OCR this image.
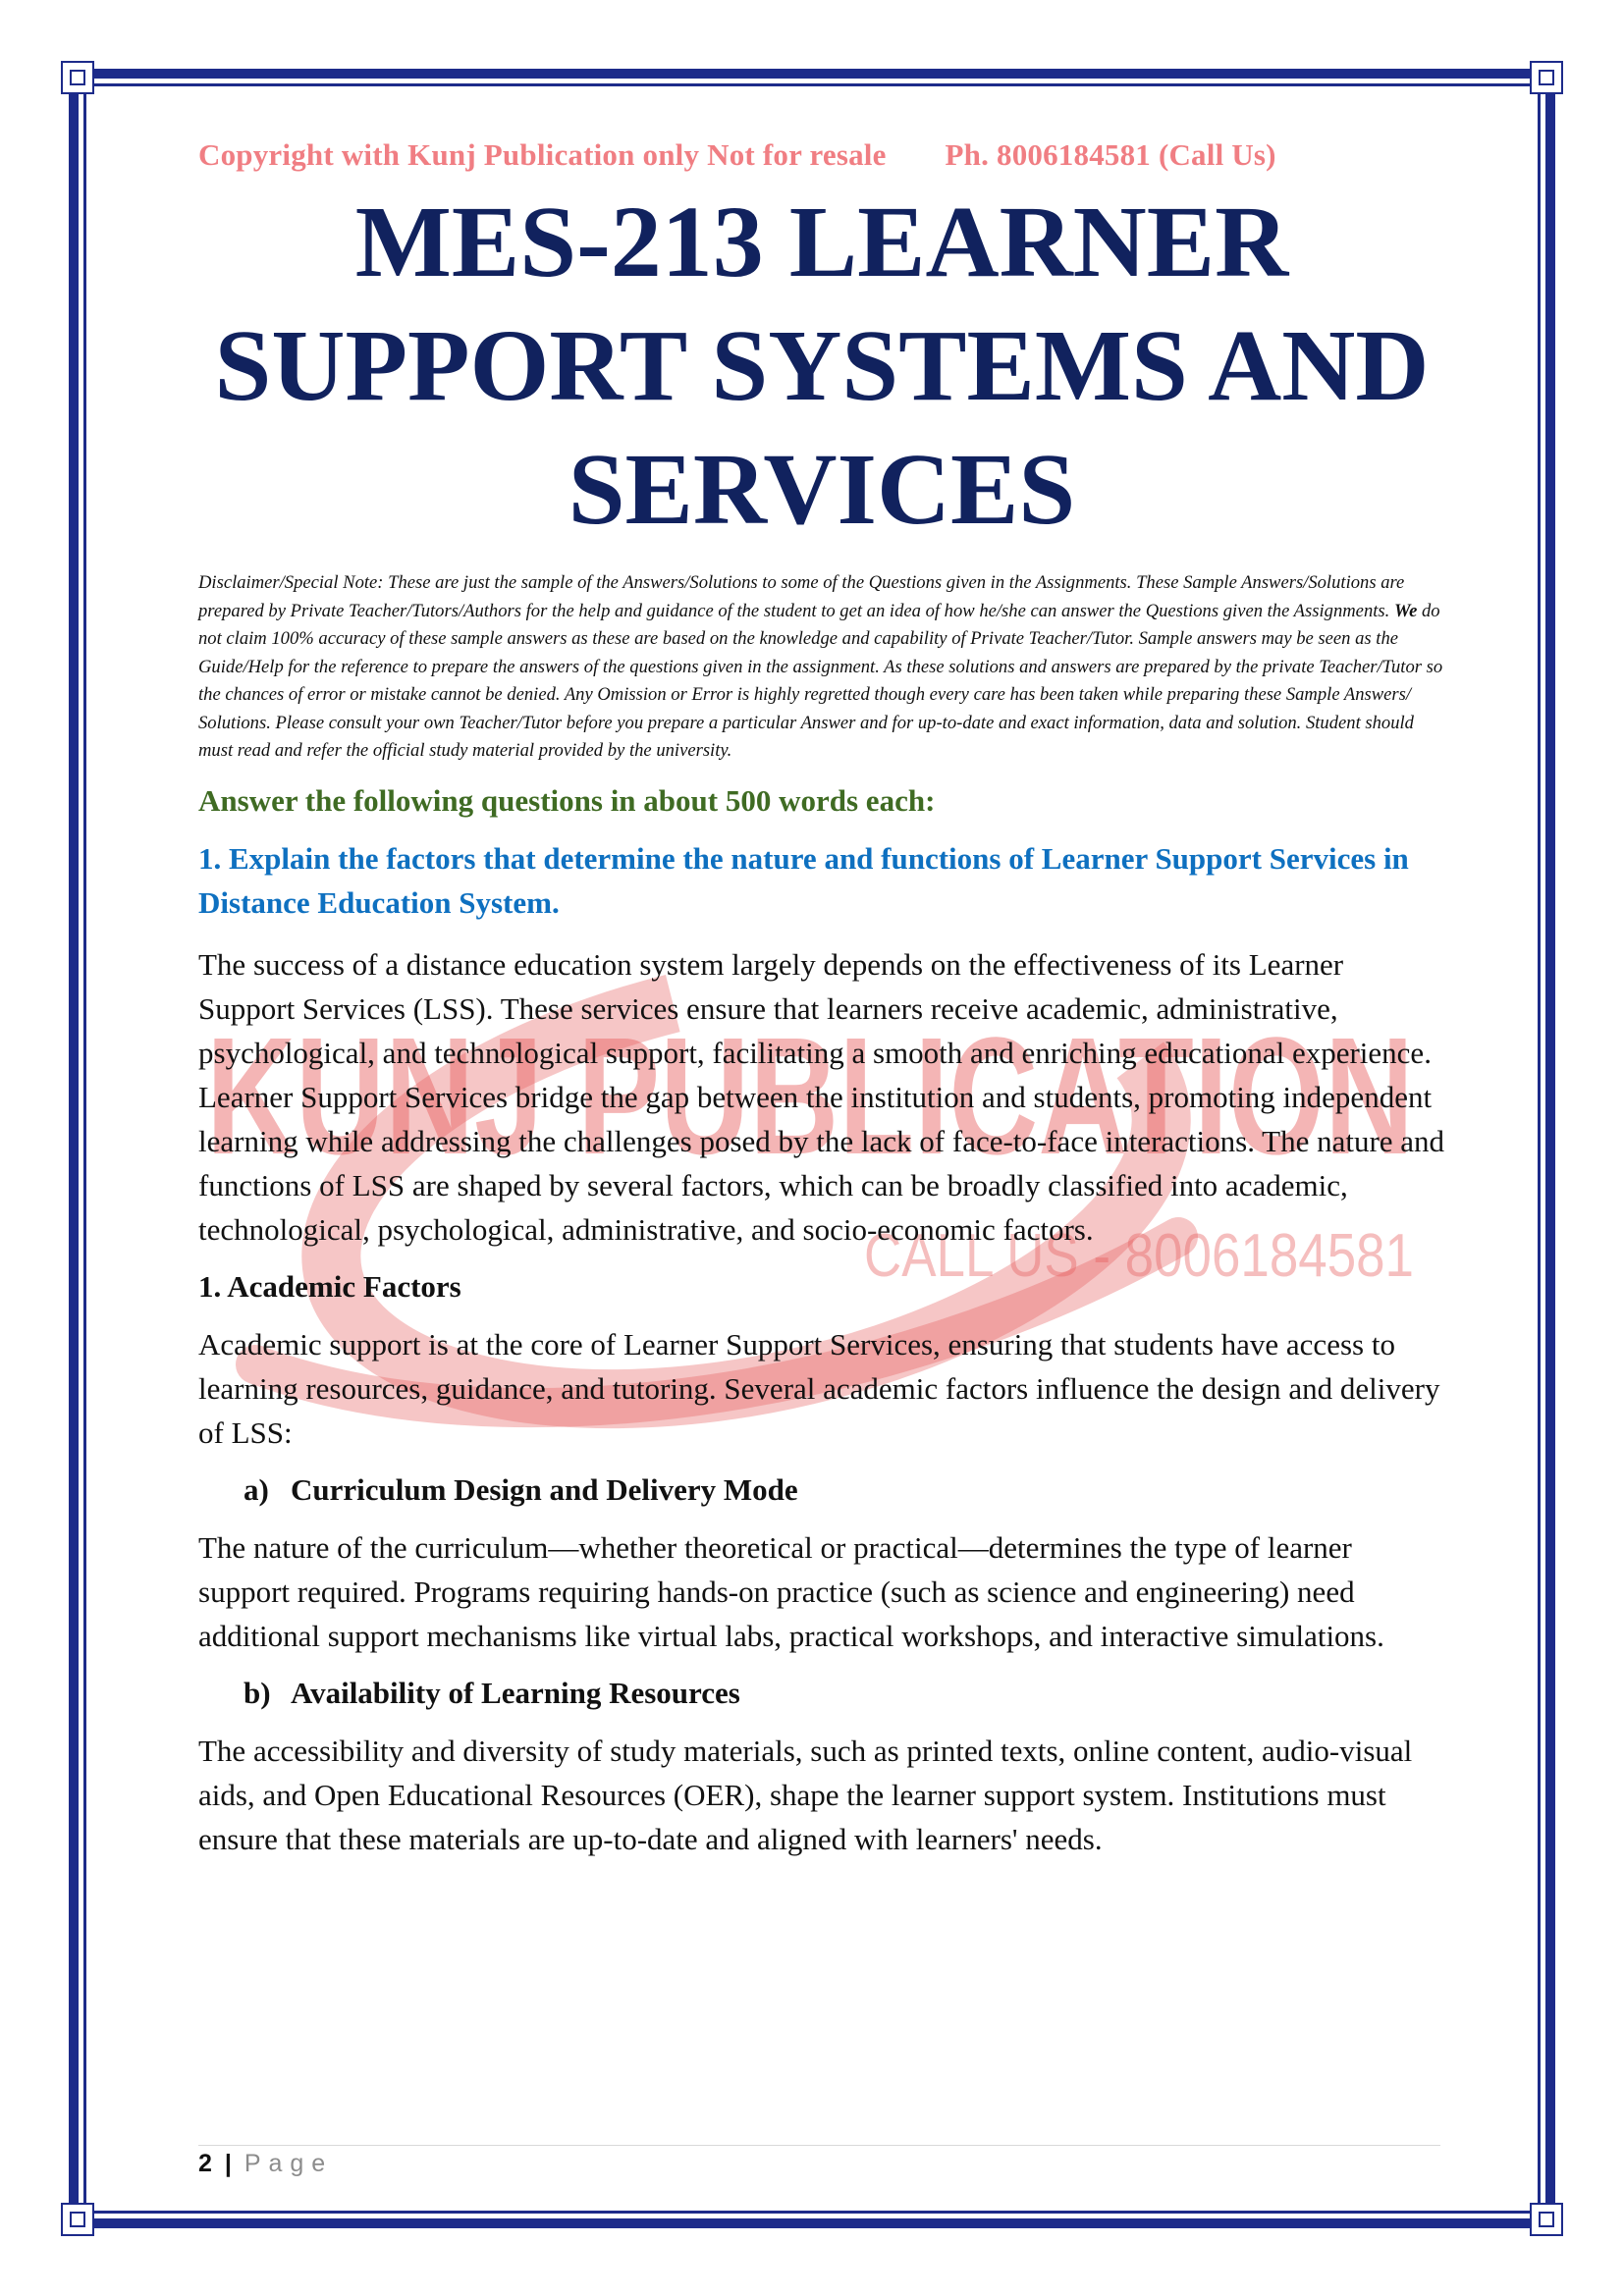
KUNJ PUBLICATION
CALL US - 8006184581
Copyright with Kunj Publication only Not for resale Ph. 8006184581 (Call Us)
MES-213 LEARNER SUPPORT SYSTEMS AND SERVICES

Disclaimer/Special Note: These are just the sample of the Answers/Solutions to some of the Questions given in the Assignments. These Sample Answers/Solutions are prepared by Private Teacher/Tutors/Authors for the help and guidance of the student to get an idea of how he/she can answer the Questions given the Assignments. We do not claim 100% accuracy of these sample answers as these are based on the knowledge and capability of Private Teacher/Tutor. Sample answers may be seen as the Guide/Help for the reference to prepare the answers of the questions given in the assignment. As these solutions and answers are prepared by the private Teacher/Tutor so the chances of error or mistake cannot be denied. Any Omission or Error is highly regretted though every care has been taken while preparing these Sample Answers/ Solutions. Please consult your own Teacher/Tutor before you prepare a particular Answer and for up-to-date and exact information, data and solution. Student should must read and refer the official study material provided by the university.

Answer the following questions in about 500 words each:
1. Explain the factors that determine the nature and functions of Learner Support Services in Distance Education System.

The success of a distance education system largely depends on the effectiveness of its Learner Support Services (LSS). These services ensure that learners receive academic, administrative, psychological, and technological support, facilitating a smooth and enriching educational experience. Learner Support Services bridge the gap between the institution and students, promoting independent learning while addressing the challenges posed by the lack of face-to-face interactions. The nature and functions of LSS are shaped by several factors, which can be broadly classified into academic, technological, psychological, administrative, and socio-economic factors.

1. Academic Factors

Academic support is at the core of Learner Support Services, ensuring that students have access to learning resources, guidance, and tutoring. Several academic factors influence the design and delivery of LSS:

a) Curriculum Design and Delivery Mode

The nature of the curriculum—whether theoretical or practical—determines the type of learner support required. Programs requiring hands-on practice (such as science and engineering) need additional support mechanisms like virtual labs, practical workshops, and interactive simulations.

b) Availability of Learning Resources

The accessibility and diversity of study materials, such as printed texts, online content, audio-visual aids, and Open Educational Resources (OER), shape the learner support system. Institutions must ensure that these materials are up-to-date and aligned with learners' needs.

2 | Page
